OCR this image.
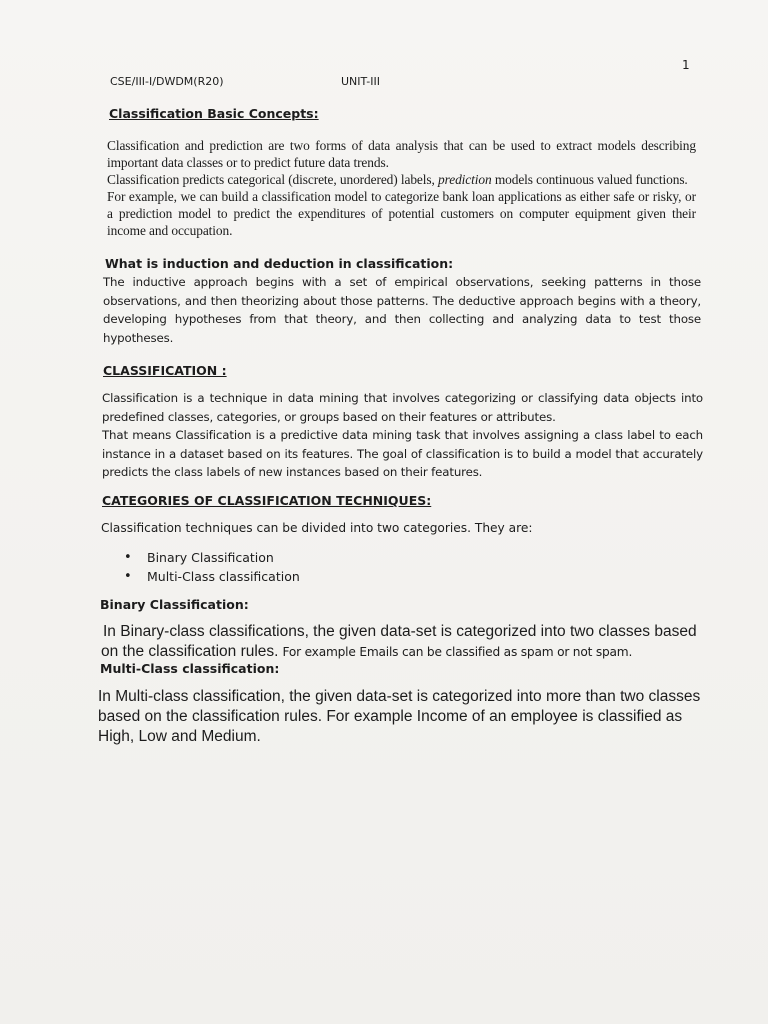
1
CSE/III-I/DWDM(R20)	UNIT-III
Classification Basic Concepts:

Classification and prediction are two forms of data analysis that can be used to extract models describing important data classes or to predict future data trends.

Classification predicts categorical (discrete, unordered) labels, prediction models continuous valued functions.

For example, we can build a classification model to categorize bank loan applications as either safe or risky, or a prediction model to predict the expenditures of potential customers on computer equipment given their income and occupation.

What is induction and deduction in classification:

The inductive approach begins with a set of empirical observations, seeking patterns in those observations, and then theorizing about those patterns. The deductive approach begins with a theory, developing hypotheses from that theory, and then collecting and analyzing data to test those hypotheses.

CLASSIFICATION :

Classification is a technique in data mining that involves categorizing or classifying data objects into predefined classes, categories, or groups based on their features or attributes.

That means Classification is a predictive data mining task that involves assigning a class label to each instance in a dataset based on its features. The goal of classification is to build a model that accurately predicts the class labels of new instances based on their features.

CATEGORIES OF CLASSIFICATION TECHNIQUES:
Classification techniques can be divided into two categories. They are:
• Binary Classification
• Multi-Class classification
Binary Classification:

In Binary-class classifications, the given data-set is categorized into two classes based on the classification rules. For example Emails can be classified as spam or not spam.

Multi-Class classification:

In Multi-class classification, the given data-set is categorized into more than two classes based on the classification rules. For example Income of an employee is classified as High, Low and Medium.
